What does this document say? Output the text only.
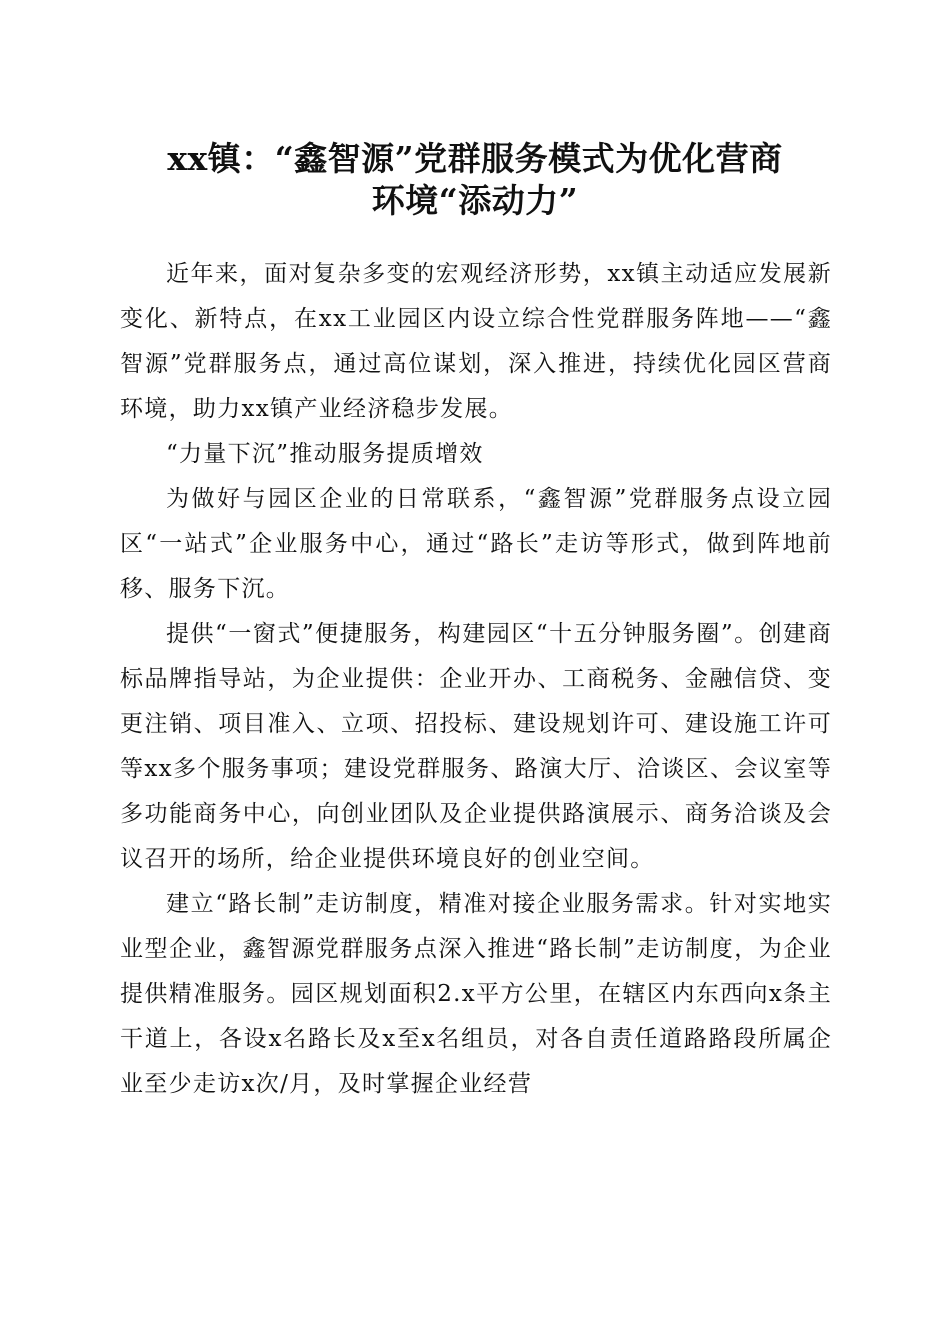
xx镇：“鑫智源”党群服务模式为优化营商
环境“添动力”

近年来，面对复杂多变的宏观经济形势，xx镇主动适应发展新变化、新特点，在xx工业园区内设立综合性党群服务阵地——“鑫智源”党群服务点，通过高位谋划，深入推进，持续优化园区营商环境，助力xx镇产业经济稳步发展。

“力量下沉”推动服务提质增效

为做好与园区企业的日常联系，“鑫智源”党群服务点设立园区“一站式”企业服务中心，通过“路长”走访等形式，做到阵地前移、服务下沉。

提供“一窗式”便捷服务，构建园区“十五分钟服务圈”。创建商标品牌指导站，为企业提供：企业开办、工商税务、金融信贷、变更注销、项目准入、立项、招投标、建设规划许可、建设施工许可等xx多个服务事项；建设党群服务、路演大厅、洽谈区、会议室等多功能商务中心，向创业团队及企业提供路演展示、商务洽谈及会议召开的场所，给企业提供环境良好的创业空间。

建立“路长制”走访制度，精准对接企业服务需求。针对实地实业型企业，鑫智源党群服务点深入推进“路长制”走访制度，为企业提供精准服务。园区规划面积2.x平方公里，在辖区内东西向x条主干道上，各设x名路长及x至x名组员，对各自责任道路路段所属企业至少走访x次/月，及时掌握企业经营
